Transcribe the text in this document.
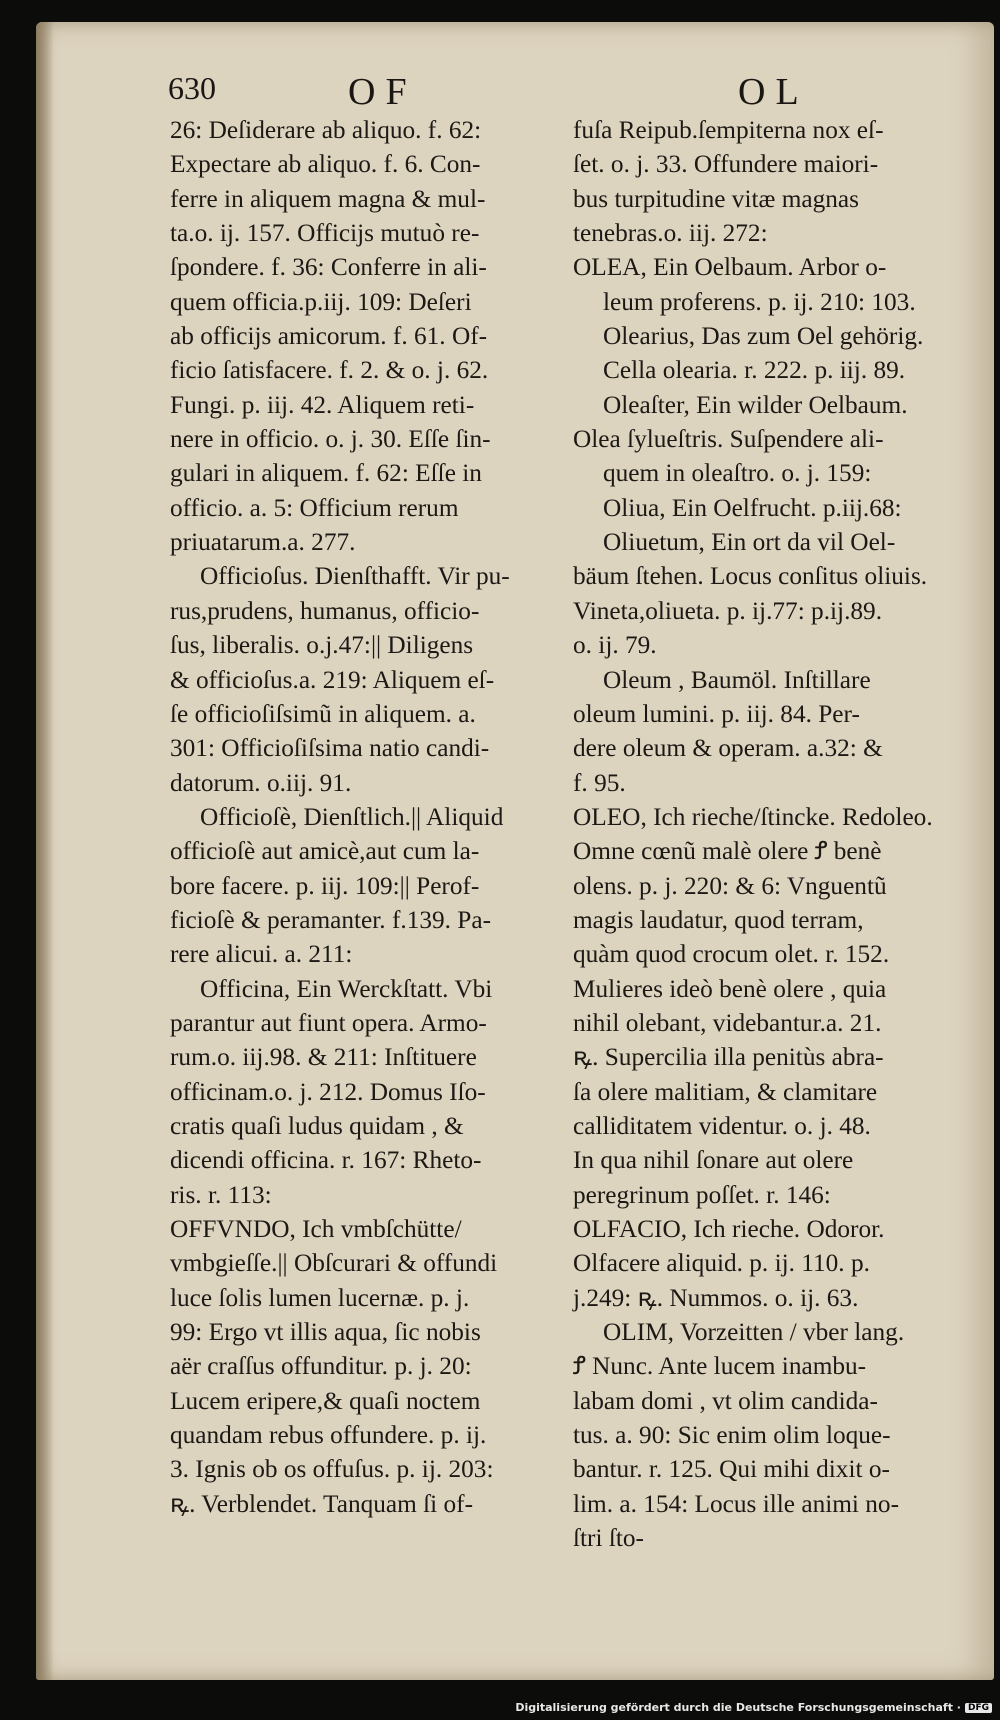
630	OF	OL
26: Deſiderare ab aliquo. f. 62:
Expectare ab aliquo. f. 6. Con-
ferre in aliquem magna & mul-
ta.o. ij. 157. Officijs mutuò re-
ſpondere. f. 36: Conferre in ali-
quem officia.p.iij. 109: Deſeri
ab officijs amicorum. f. 61. Of-
ficio ſatisfacere. f. 2. & o. j. 62.
Fungi. p. iij. 42. Aliquem reti-
nere in officio. o. j. 30. Eſſe ſin-
gulari in aliquem. f. 62: Eſſe in
officio. a. 5: Officium rerum
priuatarum.a. 277.
Officioſus. Dienſthafft. Vir pu-
rus,prudens, humanus, officio-
ſus, liberalis. o.j.47:|| Diligens
& officioſus.a. 219: Aliquem eſ-
ſe officioſiſsimũ in aliquem. a.
301: Officioſiſsima natio candi-
datorum. o.iij. 91.
Officioſè, Dienſtlich.|| Aliquid
officioſè aut amicè,aut cum la-
bore facere. p. iij. 109:|| Perof-
ficioſè & peramanter. f.139. Pa-
rere alicui. a. 211:
Officina, Ein Werckſtatt. Vbi
parantur aut fiunt opera. Armo-
rum.o. iij.98. & 211: Inſtituere
officinam.o. j. 212. Domus Iſo-
cratis quaſi ludus quidam , &
dicendi officina. r. 167: Rheto-
ris. r. 113:
OFFVNDO, Ich vmbſchütte/
vmbgieſſe.|| Obſcurari & offundi
luce ſolis lumen lucernæ. p. j.
99: Ergo vt illis aqua, ſic nobis
aër craſſus offunditur. p. j. 20:
Lucem eripere,& quaſi noctem
quandam rebus offundere. p. ij.
3. Ignis ob os offuſus. p. ij. 203:
ꝶ. Verblendet. Tanquam ſi of-
fuſa Reipub.ſempiterna nox eſ-
ſet. o. j. 33. Offundere maiori-
bus turpitudine vitæ magnas
tenebras.o. iij. 272:
OLEA, Ein Oelbaum. Arbor o-
leum proferens. p. ij. 210: 103.
Olearius, Das zum Oel gehörig.
Cella olearia. r. 222. p. iij. 89.
Oleaſter, Ein wilder Oelbaum.
Olea ſylueſtris. Suſpendere ali-
quem in oleaſtro. o. j. 159:
Oliua, Ein Oelfrucht. p.iij.68:
Oliuetum, Ein ort da vil Oel-
bäum ſtehen. Locus conſitus oliuis.
Vineta,oliueta. p. ij.77: p.ij.89.
o. ij. 79.
Oleum , Baumöl. Inſtillare
oleum lumini. p. iij. 84. Per-
dere oleum & operam. a.32: &
f. 95.
OLEO, Ich rieche/ſtincke. Redoleo.
Omne cœnũ malè olere Ꝭ benè
olens. p. j. 220: & 6: Vnguentũ
magis laudatur, quod terram,
quàm quod crocum olet. r. 152.
Mulieres ideò benè olere , quia
nihil olebant, videbantur.a. 21.
ꝶ. Supercilia illa penitùs abra-
ſa olere malitiam, & clamitare
calliditatem videntur. o. j. 48.
In qua nihil ſonare aut olere
peregrinum poſſet. r. 146:
OLFACIO, Ich rieche. Odoror.
Olfacere aliquid. p. ij. 110. p.
j.249: ꝶ. Nummos. o. ij. 63.
OLIM, Vorzeitten / vber lang.
Ꝭ Nunc. Ante lucem inambu-
labam domi , vt olim candida-
tus. a. 90: Sic enim olim loque-
bantur. r. 125. Qui mihi dixit o-
lim. a. 154: Locus ille animi no-
ſtri ſto-
Digitalisierung gefördert durch die Deutsche Forschungsgemeinschaft · DFG
